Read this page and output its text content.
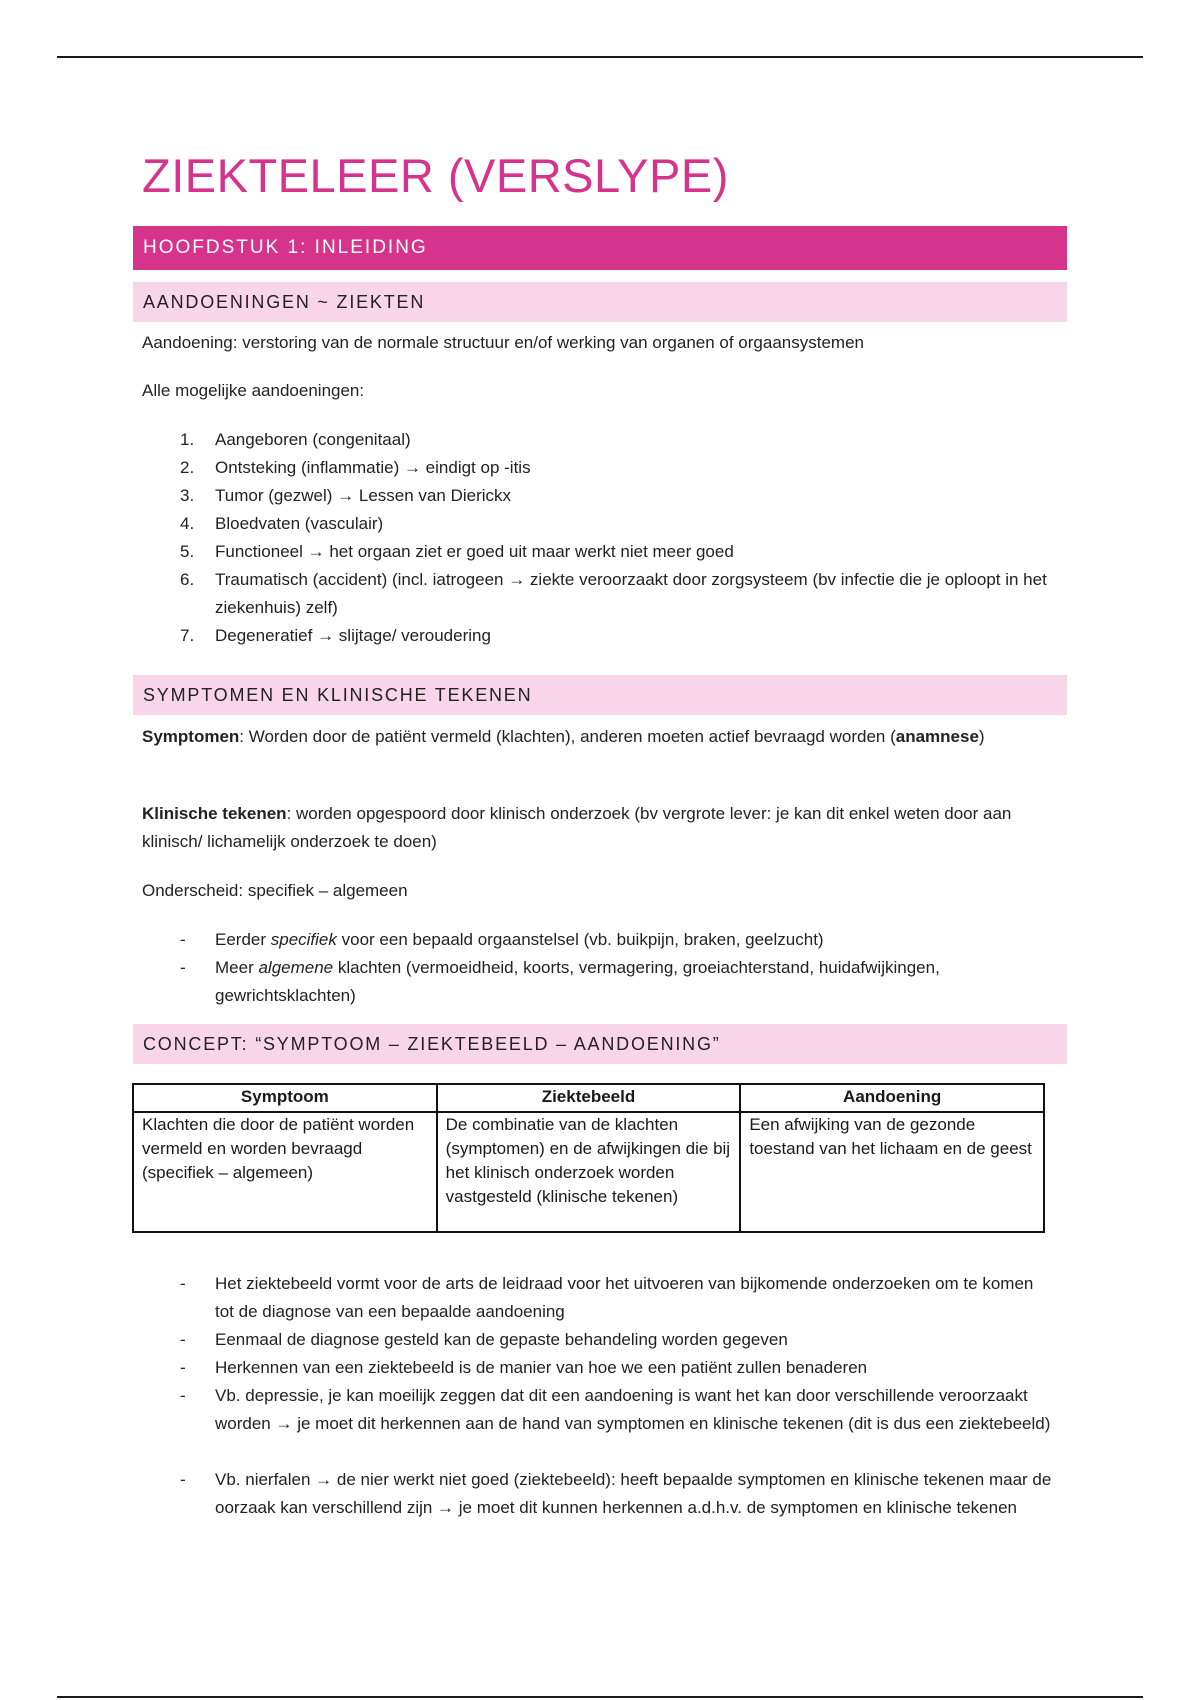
ZIEKTELEER (VERSLYPE)
HOOFDSTUK 1: INLEIDING
AANDOENINGEN ~ ZIEKTEN

Aandoening: verstoring van de normale structuur en/of werking van organen of orgaansystemen

Alle mogelijke aandoeningen:

1.	Aangeboren (congenitaal)
2.	Ontsteking (inflammatie) → eindigt op -itis
3.	Tumor (gezwel) → Lessen van Dierickx
4.	Bloedvaten (vasculair)
5.	Functioneel → het orgaan ziet er goed uit maar werkt niet meer goed
6.	Traumatisch (accident) (incl. iatrogeen → ziekte veroorzaakt door zorgsysteem (bv infectie die je oploopt in het ziekenhuis) zelf)
7.	Degeneratief → slijtage/ veroudering
SYMPTOMEN EN KLINISCHE TEKENEN

Symptomen: Worden door de patiënt vermeld (klachten), anderen moeten actief bevraagd worden (anamnese)

Klinische tekenen: worden opgespoord door klinisch onderzoek (bv vergrote lever: je kan dit enkel weten door aan klinisch/ lichamelijk onderzoek te doen)

Onderscheid: specifiek – algemeen

-	Eerder specifiek voor een bepaald orgaanstelsel (vb. buikpijn, braken, geelzucht)
-	Meer algemene klachten (vermoeidheid, koorts, vermagering, groeiachterstand, huidafwijkingen, gewrichtsklachten)
CONCEPT: “SYMPTOOM – ZIEKTEBEELD – AANDOENING”
Symptoom	Ziektebeeld	Aandoening
Klachten die door de patiënt worden vermeld en worden bevraagd
(specifiek – algemeen)	De combinatie van de klachten (symptomen) en de afwijkingen die bij het klinisch onderzoek worden vastgesteld (klinische tekenen)	Een afwijking van de gezonde toestand van het lichaam en de geest
-	Het ziektebeeld vormt voor de arts de leidraad voor het uitvoeren van bijkomende onderzoeken om te komen tot de diagnose van een bepaalde aandoening
-	Eenmaal de diagnose gesteld kan de gepaste behandeling worden gegeven
-	Herkennen van een ziektebeeld is de manier van hoe we een patiënt zullen benaderen
-	Vb. depressie, je kan moeilijk zeggen dat dit een aandoening is want het kan door verschillende veroorzaakt worden → je moet dit herkennen aan de hand van symptomen en klinische tekenen (dit is dus een ziektebeeld)
-	Vb. nierfalen → de nier werkt niet goed (ziektebeeld): heeft bepaalde symptomen en klinische tekenen maar de oorzaak kan verschillend zijn → je moet dit kunnen herkennen a.d.h.v. de symptomen en klinische tekenen
